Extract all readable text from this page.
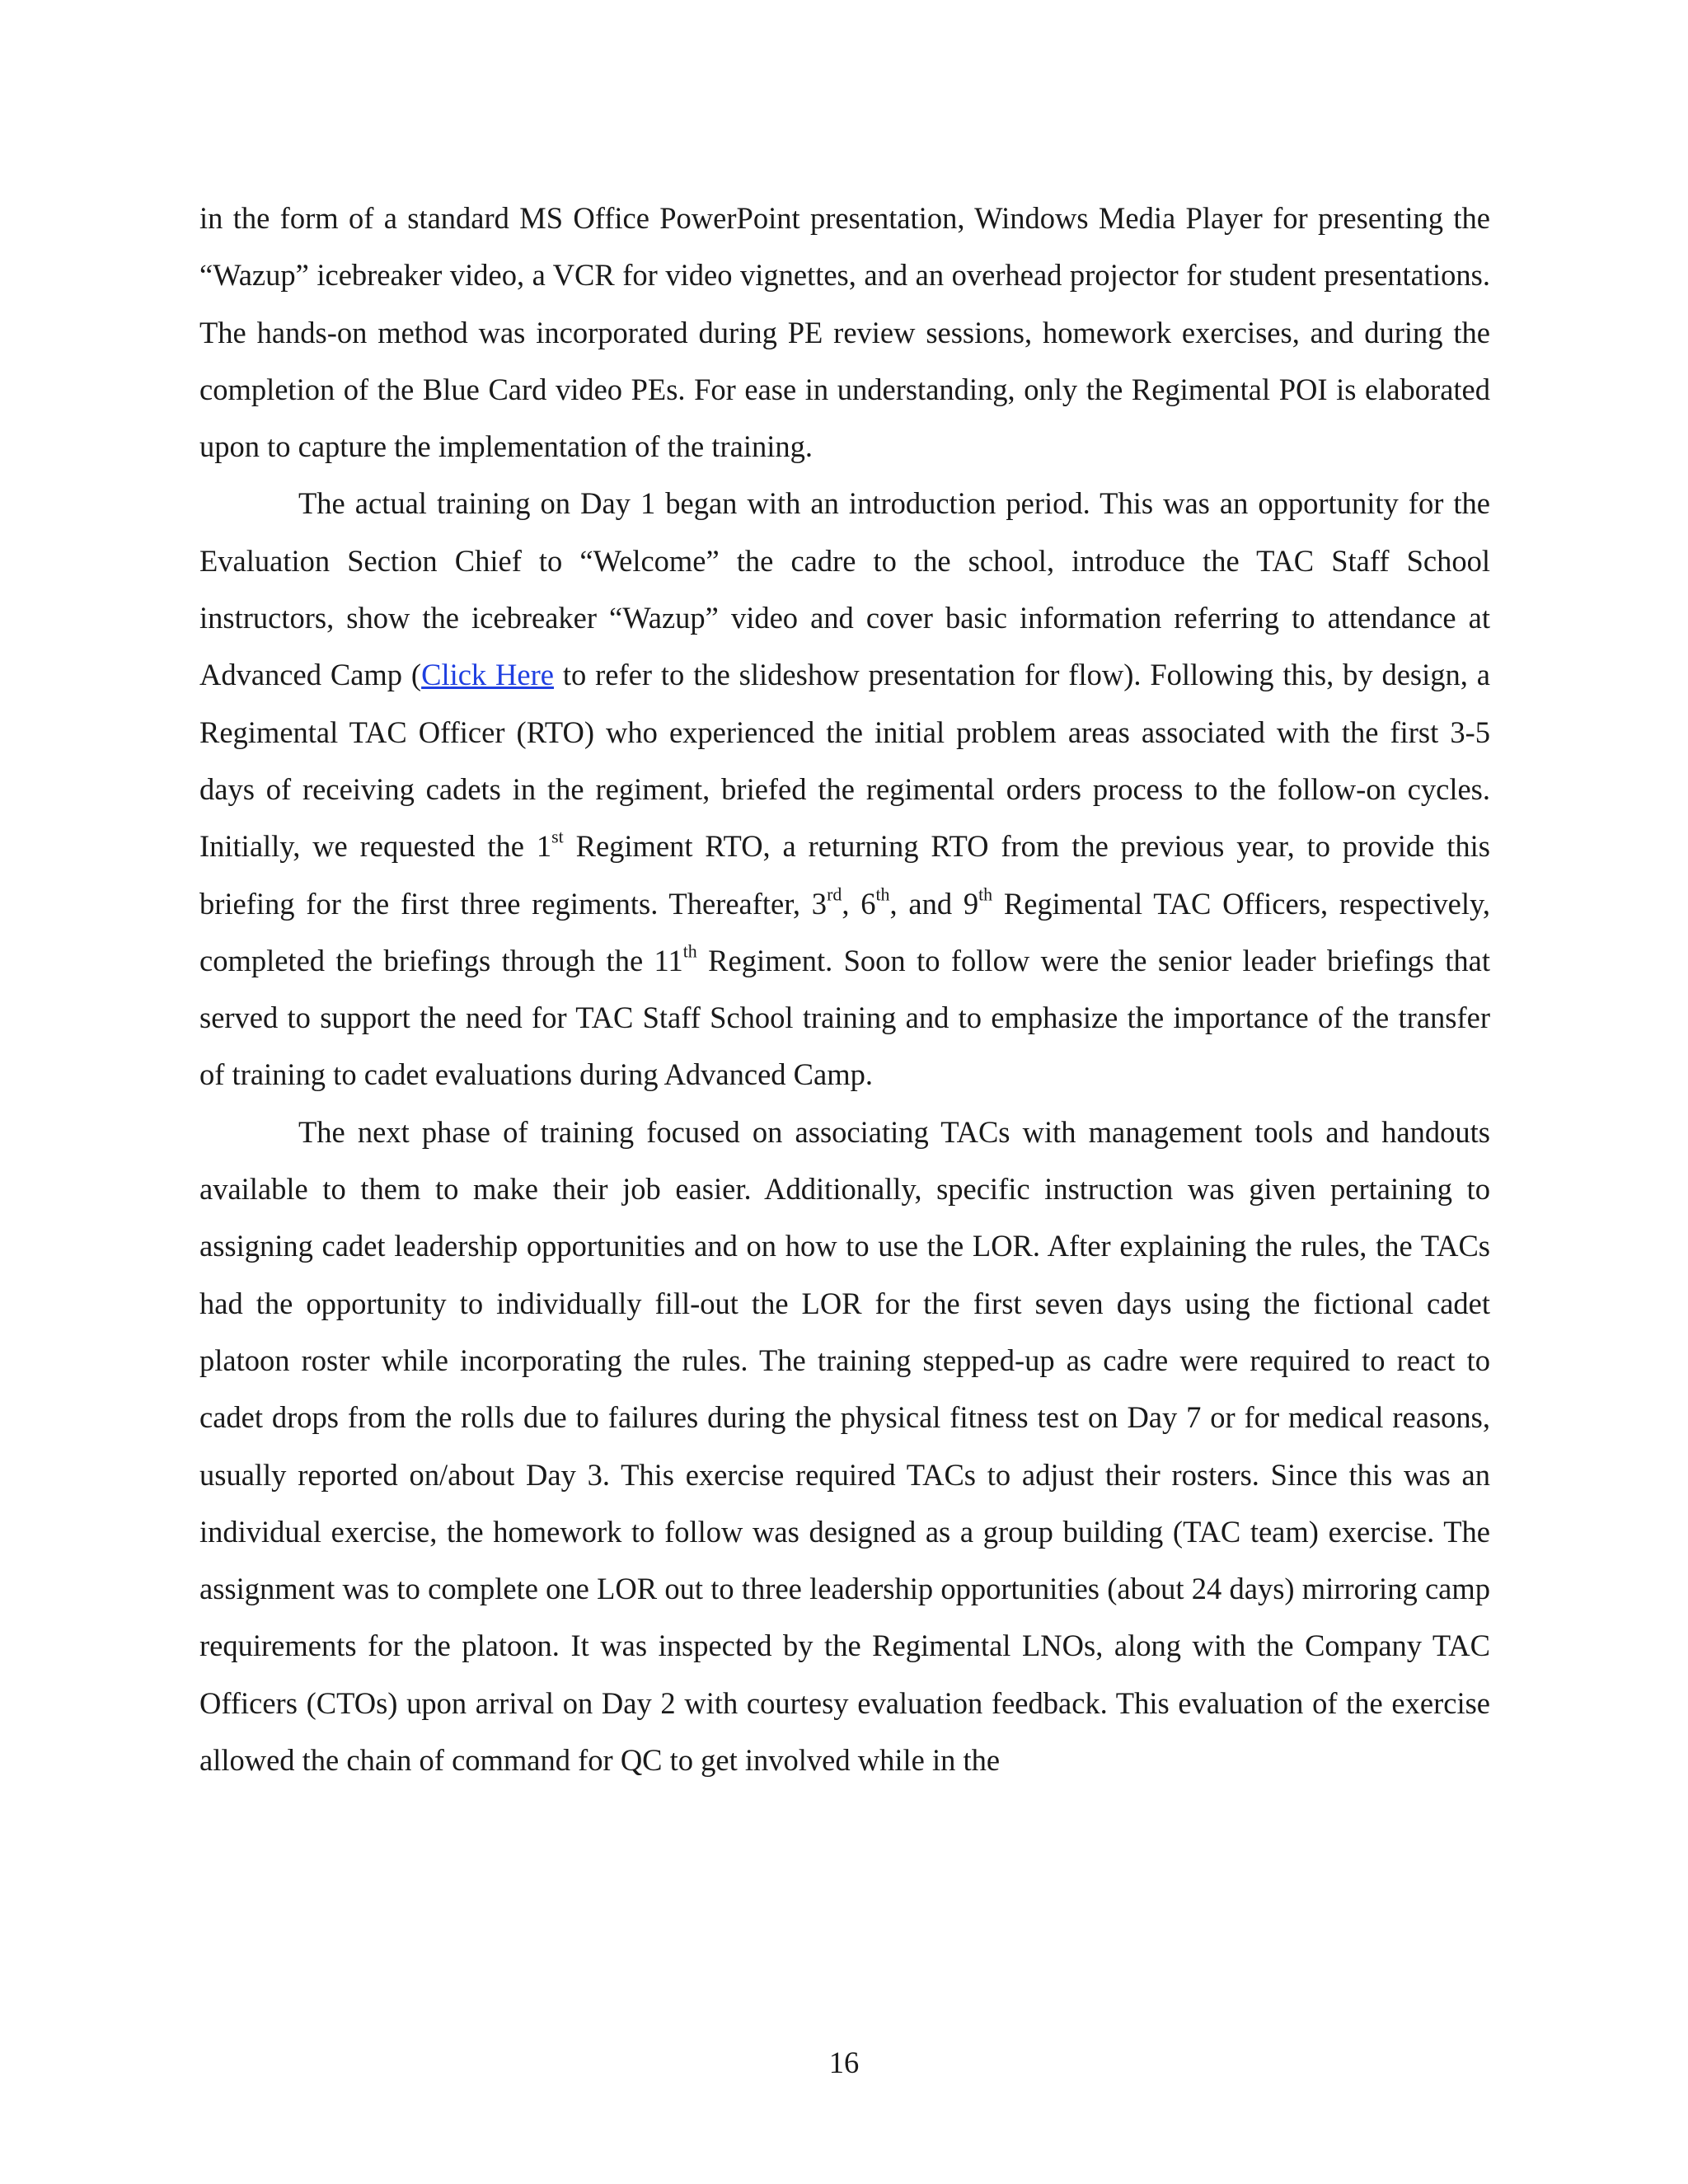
in the form of a standard MS Office PowerPoint presentation, Windows Media Player for presenting the “Wazup” icebreaker video, a VCR for video vignettes, and an overhead projector for student presentations. The hands-on method was incorporated during PE review sessions, homework exercises, and during the completion of the Blue Card video PEs. For ease in understanding, only the Regimental POI is elaborated upon to capture the implementation of the training.

The actual training on Day 1 began with an introduction period. This was an opportunity for the Evaluation Section Chief to “Welcome” the cadre to the school, introduce the TAC Staff School instructors, show the icebreaker “Wazup” video and cover basic information referring to attendance at Advanced Camp (Click Here to refer to the slideshow presentation for flow). Following this, by design, a Regimental TAC Officer (RTO) who experienced the initial problem areas associated with the first 3-5 days of receiving cadets in the regiment, briefed the regimental orders process to the follow-on cycles. Initially, we requested the 1st Regiment RTO, a returning RTO from the previous year, to provide this briefing for the first three regiments. Thereafter, 3rd, 6th, and 9th Regimental TAC Officers, respectively, completed the briefings through the 11th Regiment. Soon to follow were the senior leader briefings that served to support the need for TAC Staff School training and to emphasize the importance of the transfer of training to cadet evaluations during Advanced Camp.

The next phase of training focused on associating TACs with management tools and handouts available to them to make their job easier. Additionally, specific instruction was given pertaining to assigning cadet leadership opportunities and on how to use the LOR. After explaining the rules, the TACs had the opportunity to individually fill-out the LOR for the first seven days using the fictional cadet platoon roster while incorporating the rules. The training stepped-up as cadre were required to react to cadet drops from the rolls due to failures during the physical fitness test on Day 7 or for medical reasons, usually reported on/about Day 3. This exercise required TACs to adjust their rosters. Since this was an individual exercise, the homework to follow was designed as a group building (TAC team) exercise. The assignment was to complete one LOR out to three leadership opportunities (about 24 days) mirroring camp requirements for the platoon. It was inspected by the Regimental LNOs, along with the Company TAC Officers (CTOs) upon arrival on Day 2 with courtesy evaluation feedback. This evaluation of the exercise allowed the chain of command for QC to get involved while in the

16
